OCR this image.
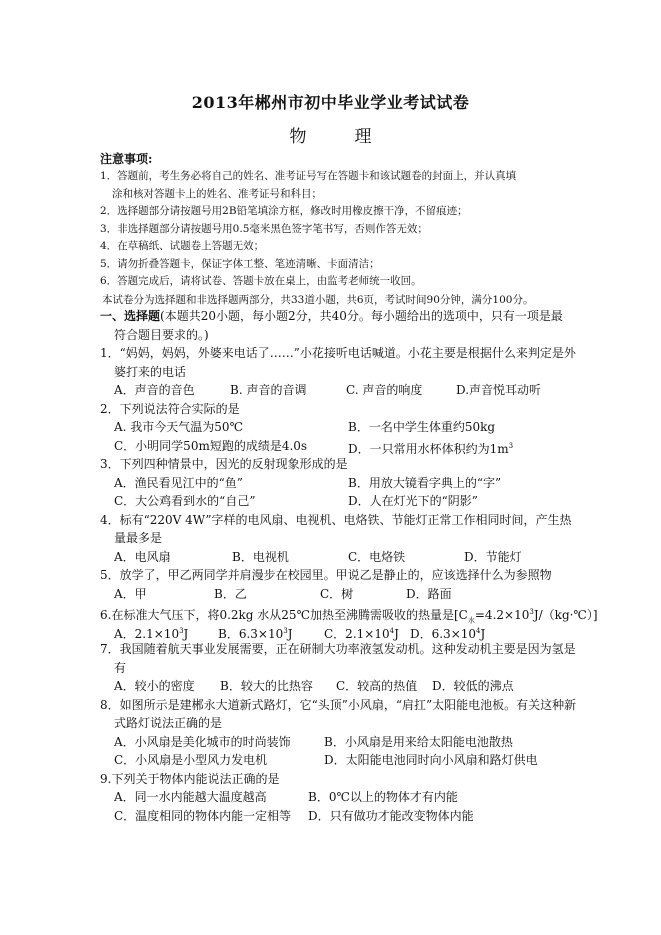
2013年郴州市初中毕业学业考试试卷
物理
注意事项:
1．答题前，考生务必将自己的姓名、准考证号写在答题卡和该试题卷的封面上，并认真填
涂和核对答题卡上的姓名、准考证号和科目；
2．选择题部分请按题号用2B铅笔填涂方框，修改时用橡皮擦干净，不留痕迹；
3．非选择题部分请按题号用0.5毫米黑色签字笔书写，否则作答无效；
4．在草稿纸、试题卷上答题无效；
5．请勿折叠答题卡，保证字体工整、笔迹清晰、卡面清洁；
6．答题完成后，请将试卷、答题卡放在桌上，由监考老师统一收回。
本试卷分为选择题和非选择题两部分，共33道小题，共6页，考试时间90分钟，满分100分。
一、选择题(本题共20小题，每小题2分，共40分。每小题给出的选项中，只有一项是最
符合题目要求的。)
1．“妈妈，妈妈，外婆来电话了……”小花接听电话喊道。小花主要是根据什么来判定是外
婆打来的电话
A．声音的音色	B. 声音的音调	C. 声音的响度	D.声音悦耳动听
2．下列说法符合实际的是
A. 我市今天气温为50℃	B．一名中学生体重约50kg
C．小明同学50m短跑的成绩是4.0s	D．一只常用水杯体积约为$1m^3$
3．下列四种情景中，因光的反射现象形成的是
A．渔民看见江中的“鱼”	B．用放大镜看字典上的“字”
C．大公鸡看到水的“自己”	D．人在灯光下的“阴影”
4．标有“220V 4W”字样的电风扇、电视机、电烙铁、节能灯正常工作相同时间，产生热
量最多是
A．电风扇	B．电视机	C．电烙铁	D．节能灯
5．放学了，甲乙两同学并肩漫步在校园里。甲说乙是静止的，应该选择什么为参照物
A．甲	B．乙	C．树	D．路面
6.在标准大气压下，将0.2kg 水从25℃加热至沸腾需吸收的热量是$[C_水=4.2\times 10^3J/(kg\cdot℃)]$
A．$2.1\times 10^3J$	B．$6.3\times 10^3J$	C．$2.1\times 10^4J$ D．$6.3\times 10^4J$
7．我国随着航天事业发展需要，正在研制大功率液氢发动机。这种发动机主要是因为氢是
有
A．较小的密度	B．较大的比热容	C．较高的热值	D．较低的沸点
8．如图所示是建郴永大道新式路灯，它“头顶”小风扇，“肩扛”太阳能电池板。有关这种新
式路灯说法正确的是
A．小风扇是美化城市的时尚装饰	B．小风扇是用来给太阳能电池散热
C．小风扇是小型风力发电机	D．太阳能电池同时向小风扇和路灯供电
9.下列关于物体内能说法正确的是
A．同一水内能越大温度越高	B．0℃以上的物体才有内能
C．温度相同的物体内能一定相等	D．只有做功才能改变物体内能
